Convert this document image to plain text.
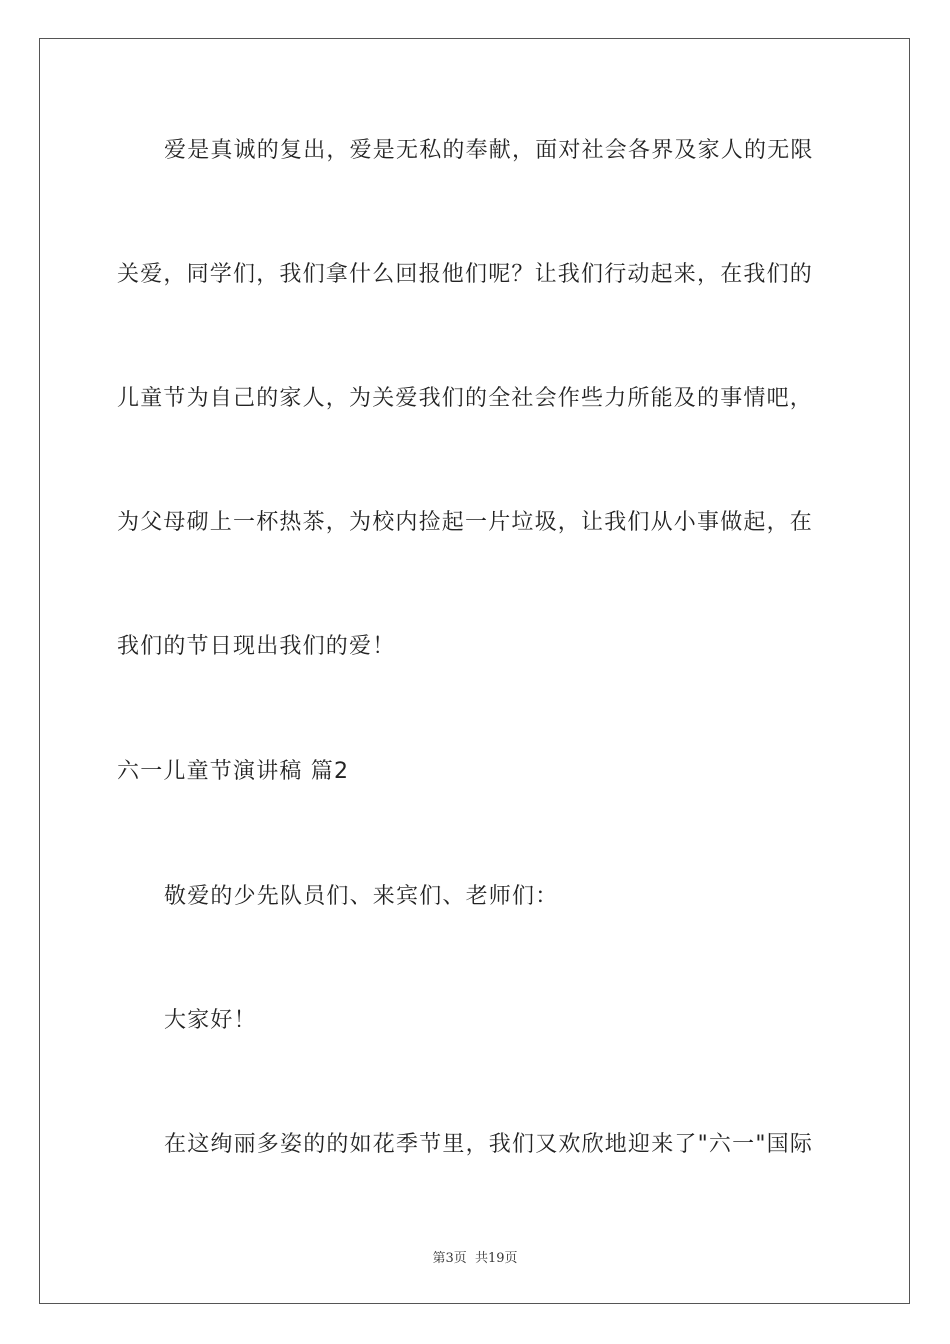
爱是真诚的复出，爱是无私的奉献，面对社会各界及家人的无限
关爱，同学们，我们拿什么回报他们呢？让我们行动起来，在我们的
儿童节为自己的家人，为关爱我们的全社会作些力所能及的事情吧，
为父母砌上一杯热茶，为校内捡起一片垃圾，让我们从小事做起，在
我们的节日现出我们的爱！
六一儿童节演讲稿 篇2
敬爱的少先队员们、来宾们、老师们：
大家好！
在这绚丽多姿的的如花季节里，我们又欢欣地迎来了"六一"国际
第3页 共19页
